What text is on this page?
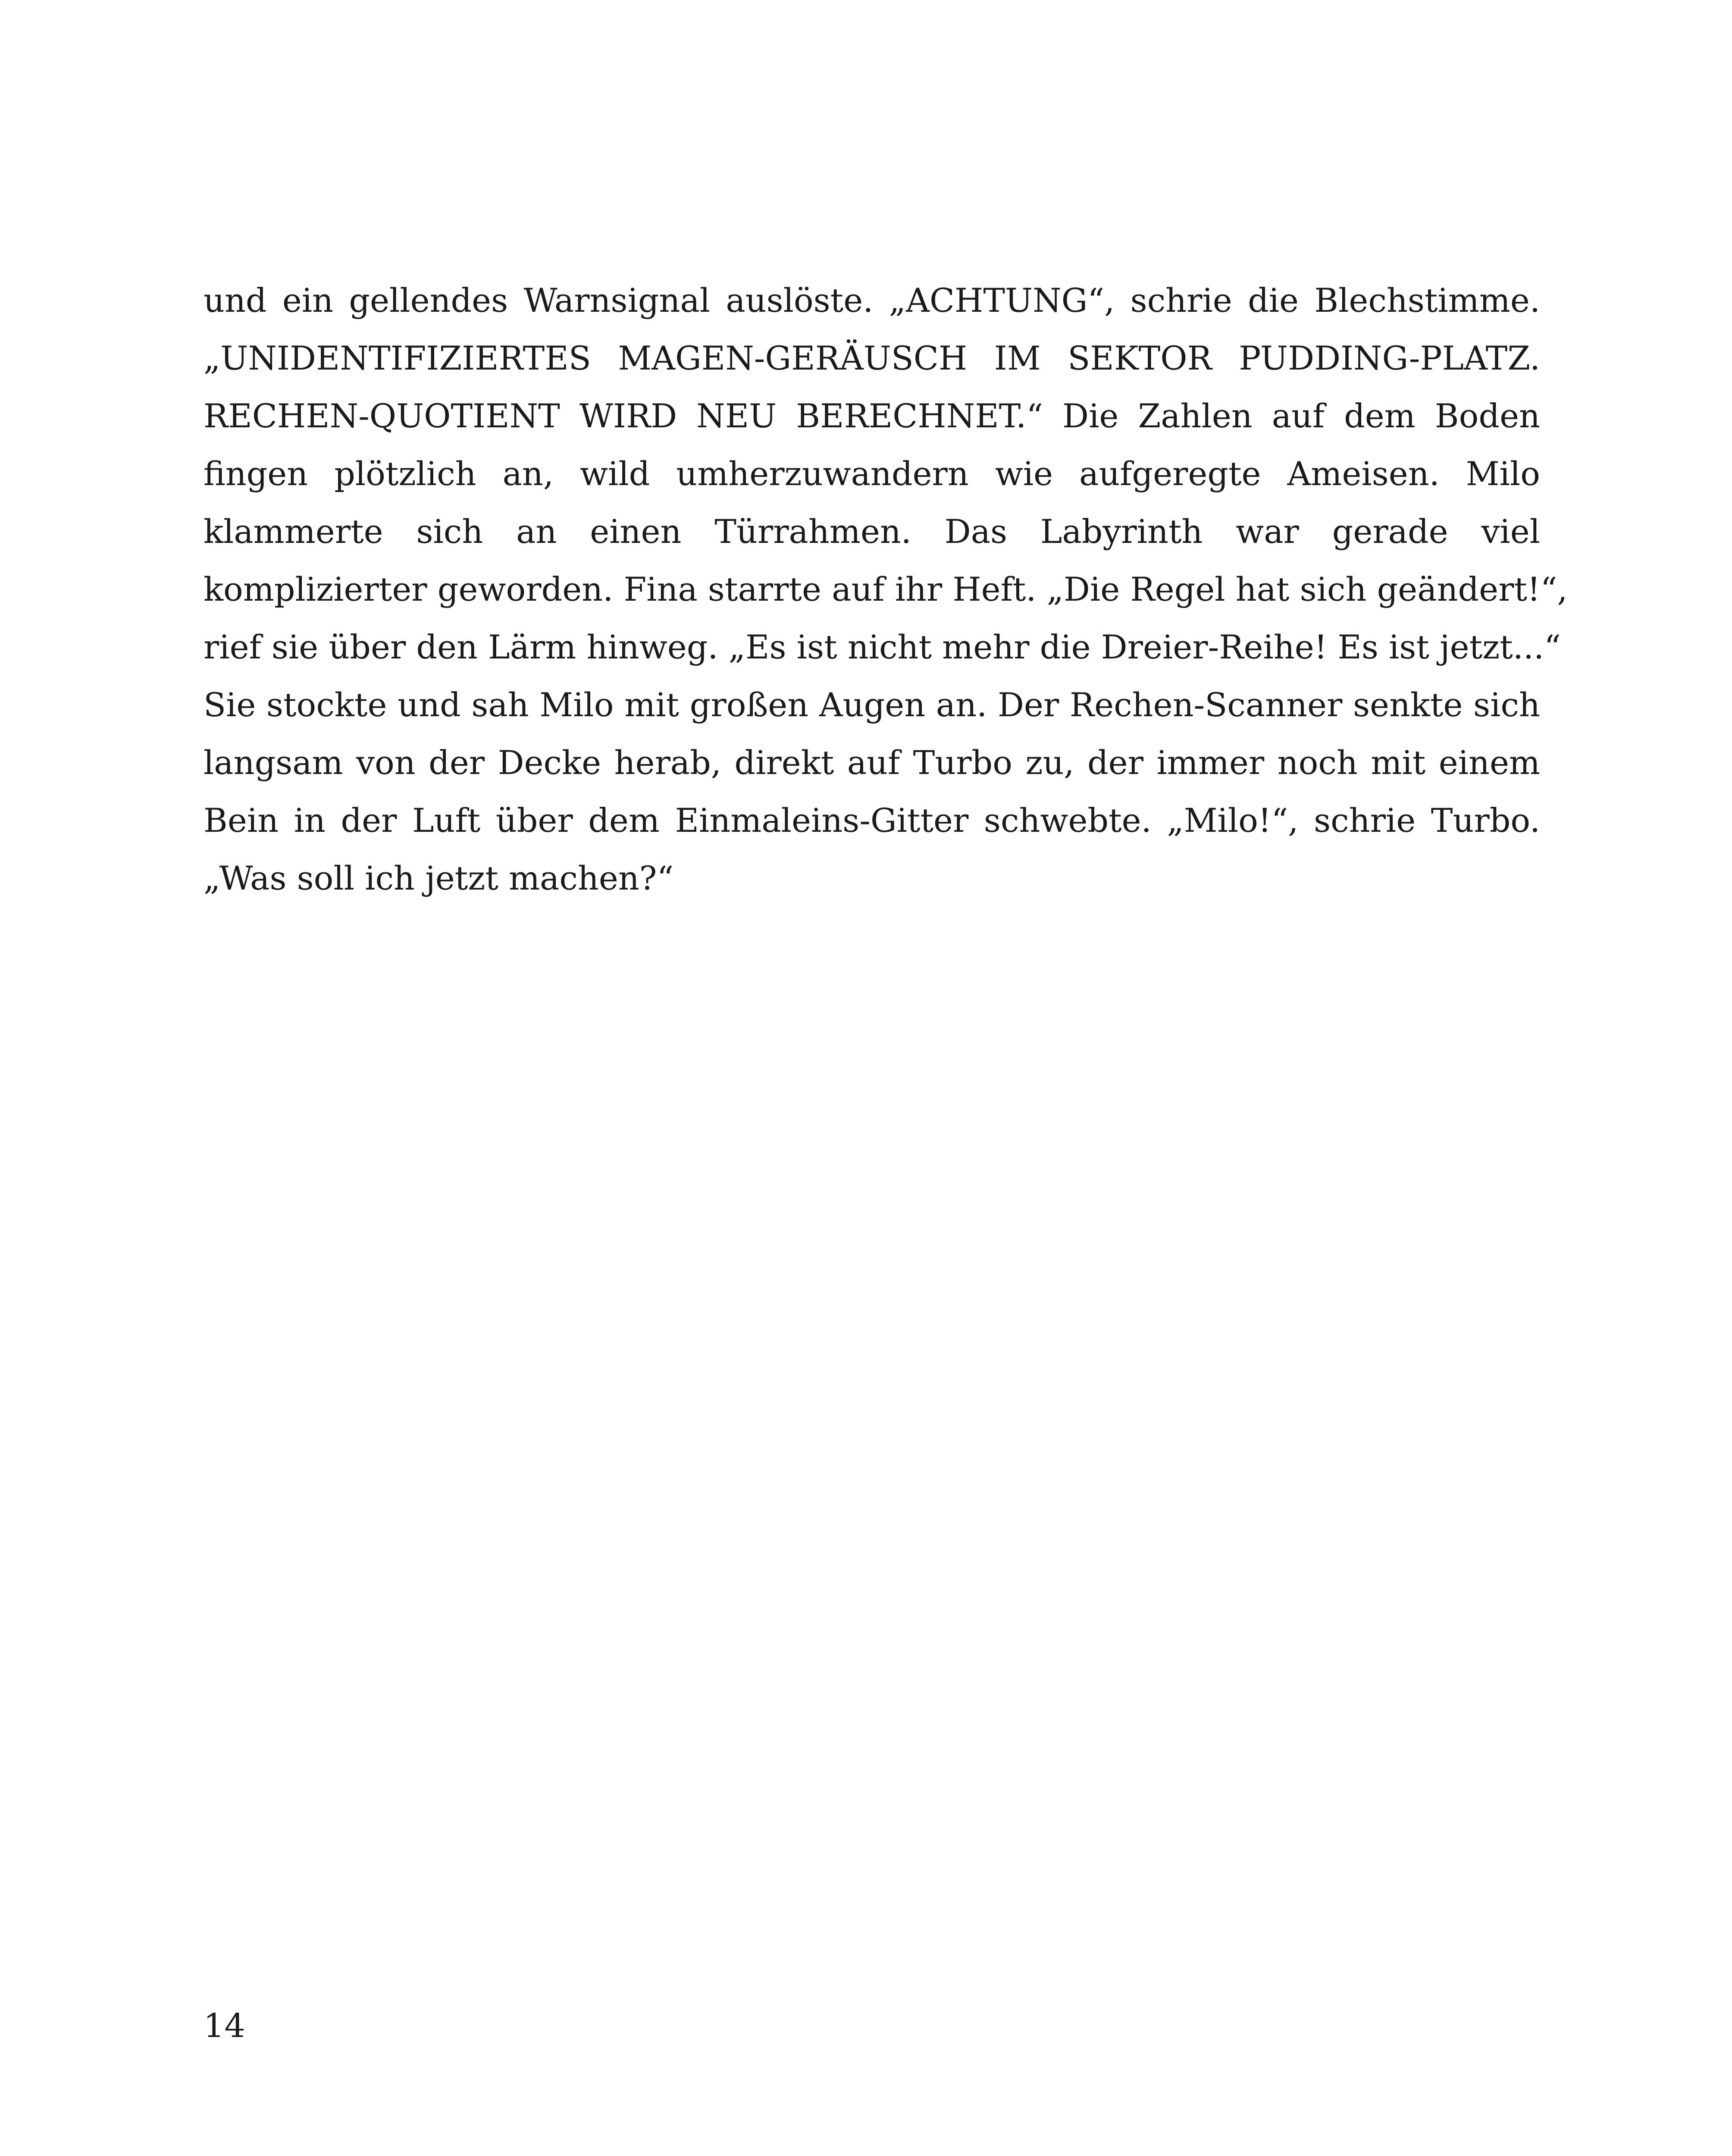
und ein gellendes Warnsignal auslöste. „ACHTUNG“, schrie die Blechstimme.
„UNIDENTIFIZIERTES MAGEN-GERÄUSCH IM SEKTOR PUDDING-PLATZ.
RECHEN-QUOTIENT WIRD NEU BERECHNET.“ Die Zahlen auf dem Boden
fingen plötzlich an, wild umherzuwandern wie aufgeregte Ameisen. Milo
klammerte sich an einen Türrahmen. Das Labyrinth war gerade viel
komplizierter geworden. Fina starrte auf ihr Heft. „Die Regel hat sich geändert!“,
rief sie über den Lärm hinweg. „Es ist nicht mehr die Dreier-Reihe! Es ist jetzt...“
Sie stockte und sah Milo mit großen Augen an. Der Rechen-Scanner senkte sich
langsam von der Decke herab, direkt auf Turbo zu, der immer noch mit einem
Bein in der Luft über dem Einmaleins-Gitter schwebte. „Milo!“, schrie Turbo.
„Was soll ich jetzt machen?“
14
